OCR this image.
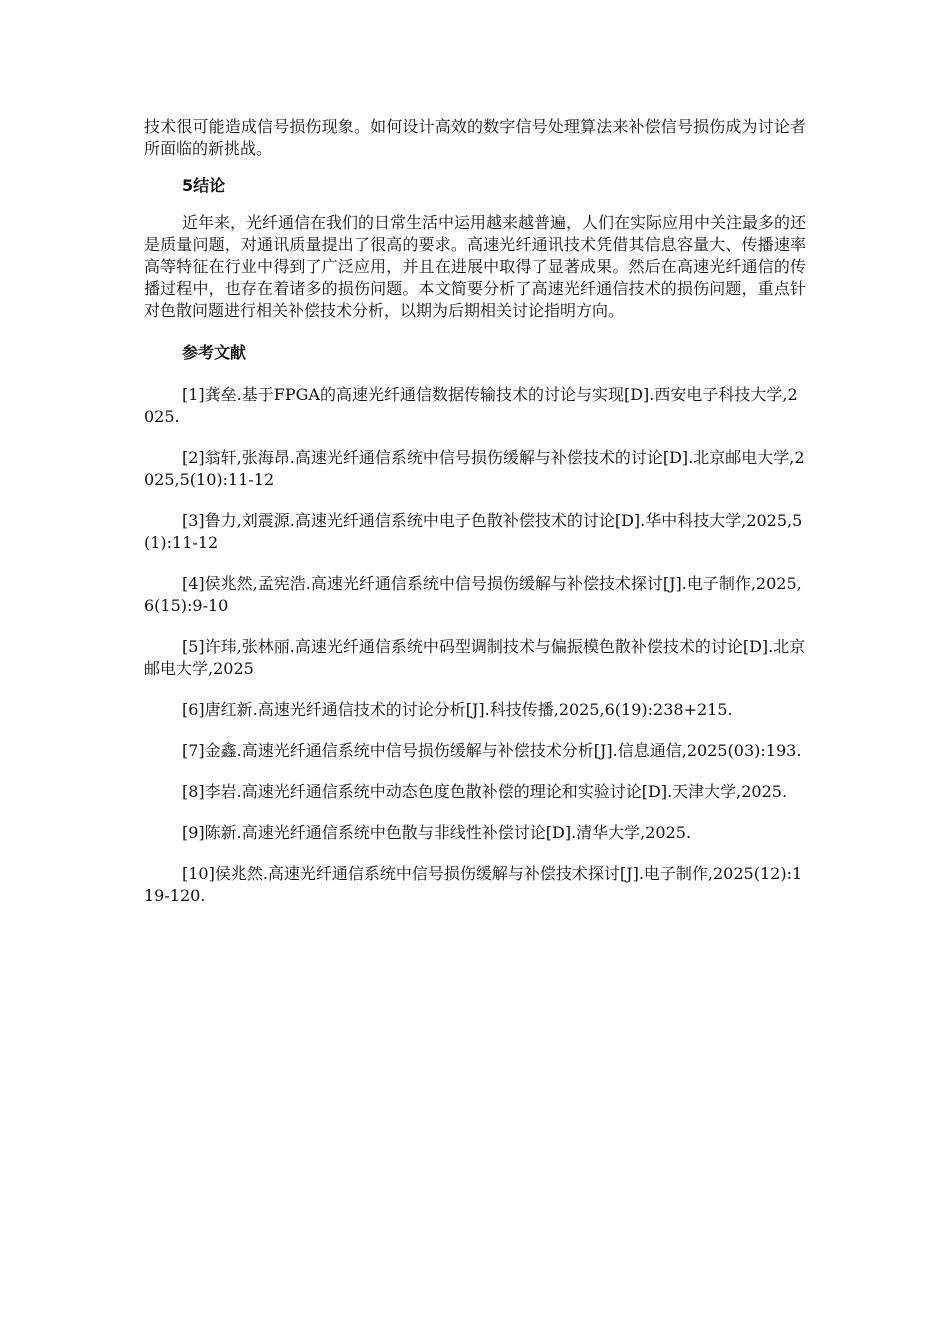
技术很可能造成信号损伤现象。如何设计高效的数字信号处理算法来补偿信号损伤成为讨论者所面临的新挑战。

5结论

近年来，光纤通信在我们的日常生活中运用越来越普遍，人们在实际应用中关注最多的还是质量问题，对通讯质量提出了很高的要求。高速光纤通讯技术凭借其信息容量大、传播速率高等特征在行业中得到了广泛应用，并且在进展中取得了显著成果。然后在高速光纤通信的传播过程中，也存在着诸多的损伤问题。本文简要分析了高速光纤通信技术的损伤问题，重点针对色散问题进行相关补偿技术分析，以期为后期相关讨论指明方向。

参考文献

[1]龚垒.基于FPGA的高速光纤通信数据传输技术的讨论与实现[D].西安电子科技大学,2025.

[2]翁轩,张海昂.高速光纤通信系统中信号损伤缓解与补偿技术的讨论[D].北京邮电大学,2025,5(10):11-12

[3]鲁力,刘震源.高速光纤通信系统中电子色散补偿技术的讨论[D].华中科技大学,2025,5(1):11-12

[4]侯兆然,孟宪浩.高速光纤通信系统中信号损伤缓解与补偿技术探讨[J].电子制作,2025,6(15):9-10

[5]许玮,张林丽.高速光纤通信系统中码型调制技术与偏振模色散补偿技术的讨论[D].北京邮电大学,2025

[6]唐红新.高速光纤通信技术的讨论分析[J].科技传播,2025,6(19):238+215.

[7]金鑫.高速光纤通信系统中信号损伤缓解与补偿技术分析[J].信息通信,2025(03):193.

[8]李岩.高速光纤通信系统中动态色度色散补偿的理论和实验讨论[D].天津大学,2025.

[9]陈新.高速光纤通信系统中色散与非线性补偿讨论[D].清华大学,2025.

[10]侯兆然.高速光纤通信系统中信号损伤缓解与补偿技术探讨[J].电子制作,2025(12):119-120.
